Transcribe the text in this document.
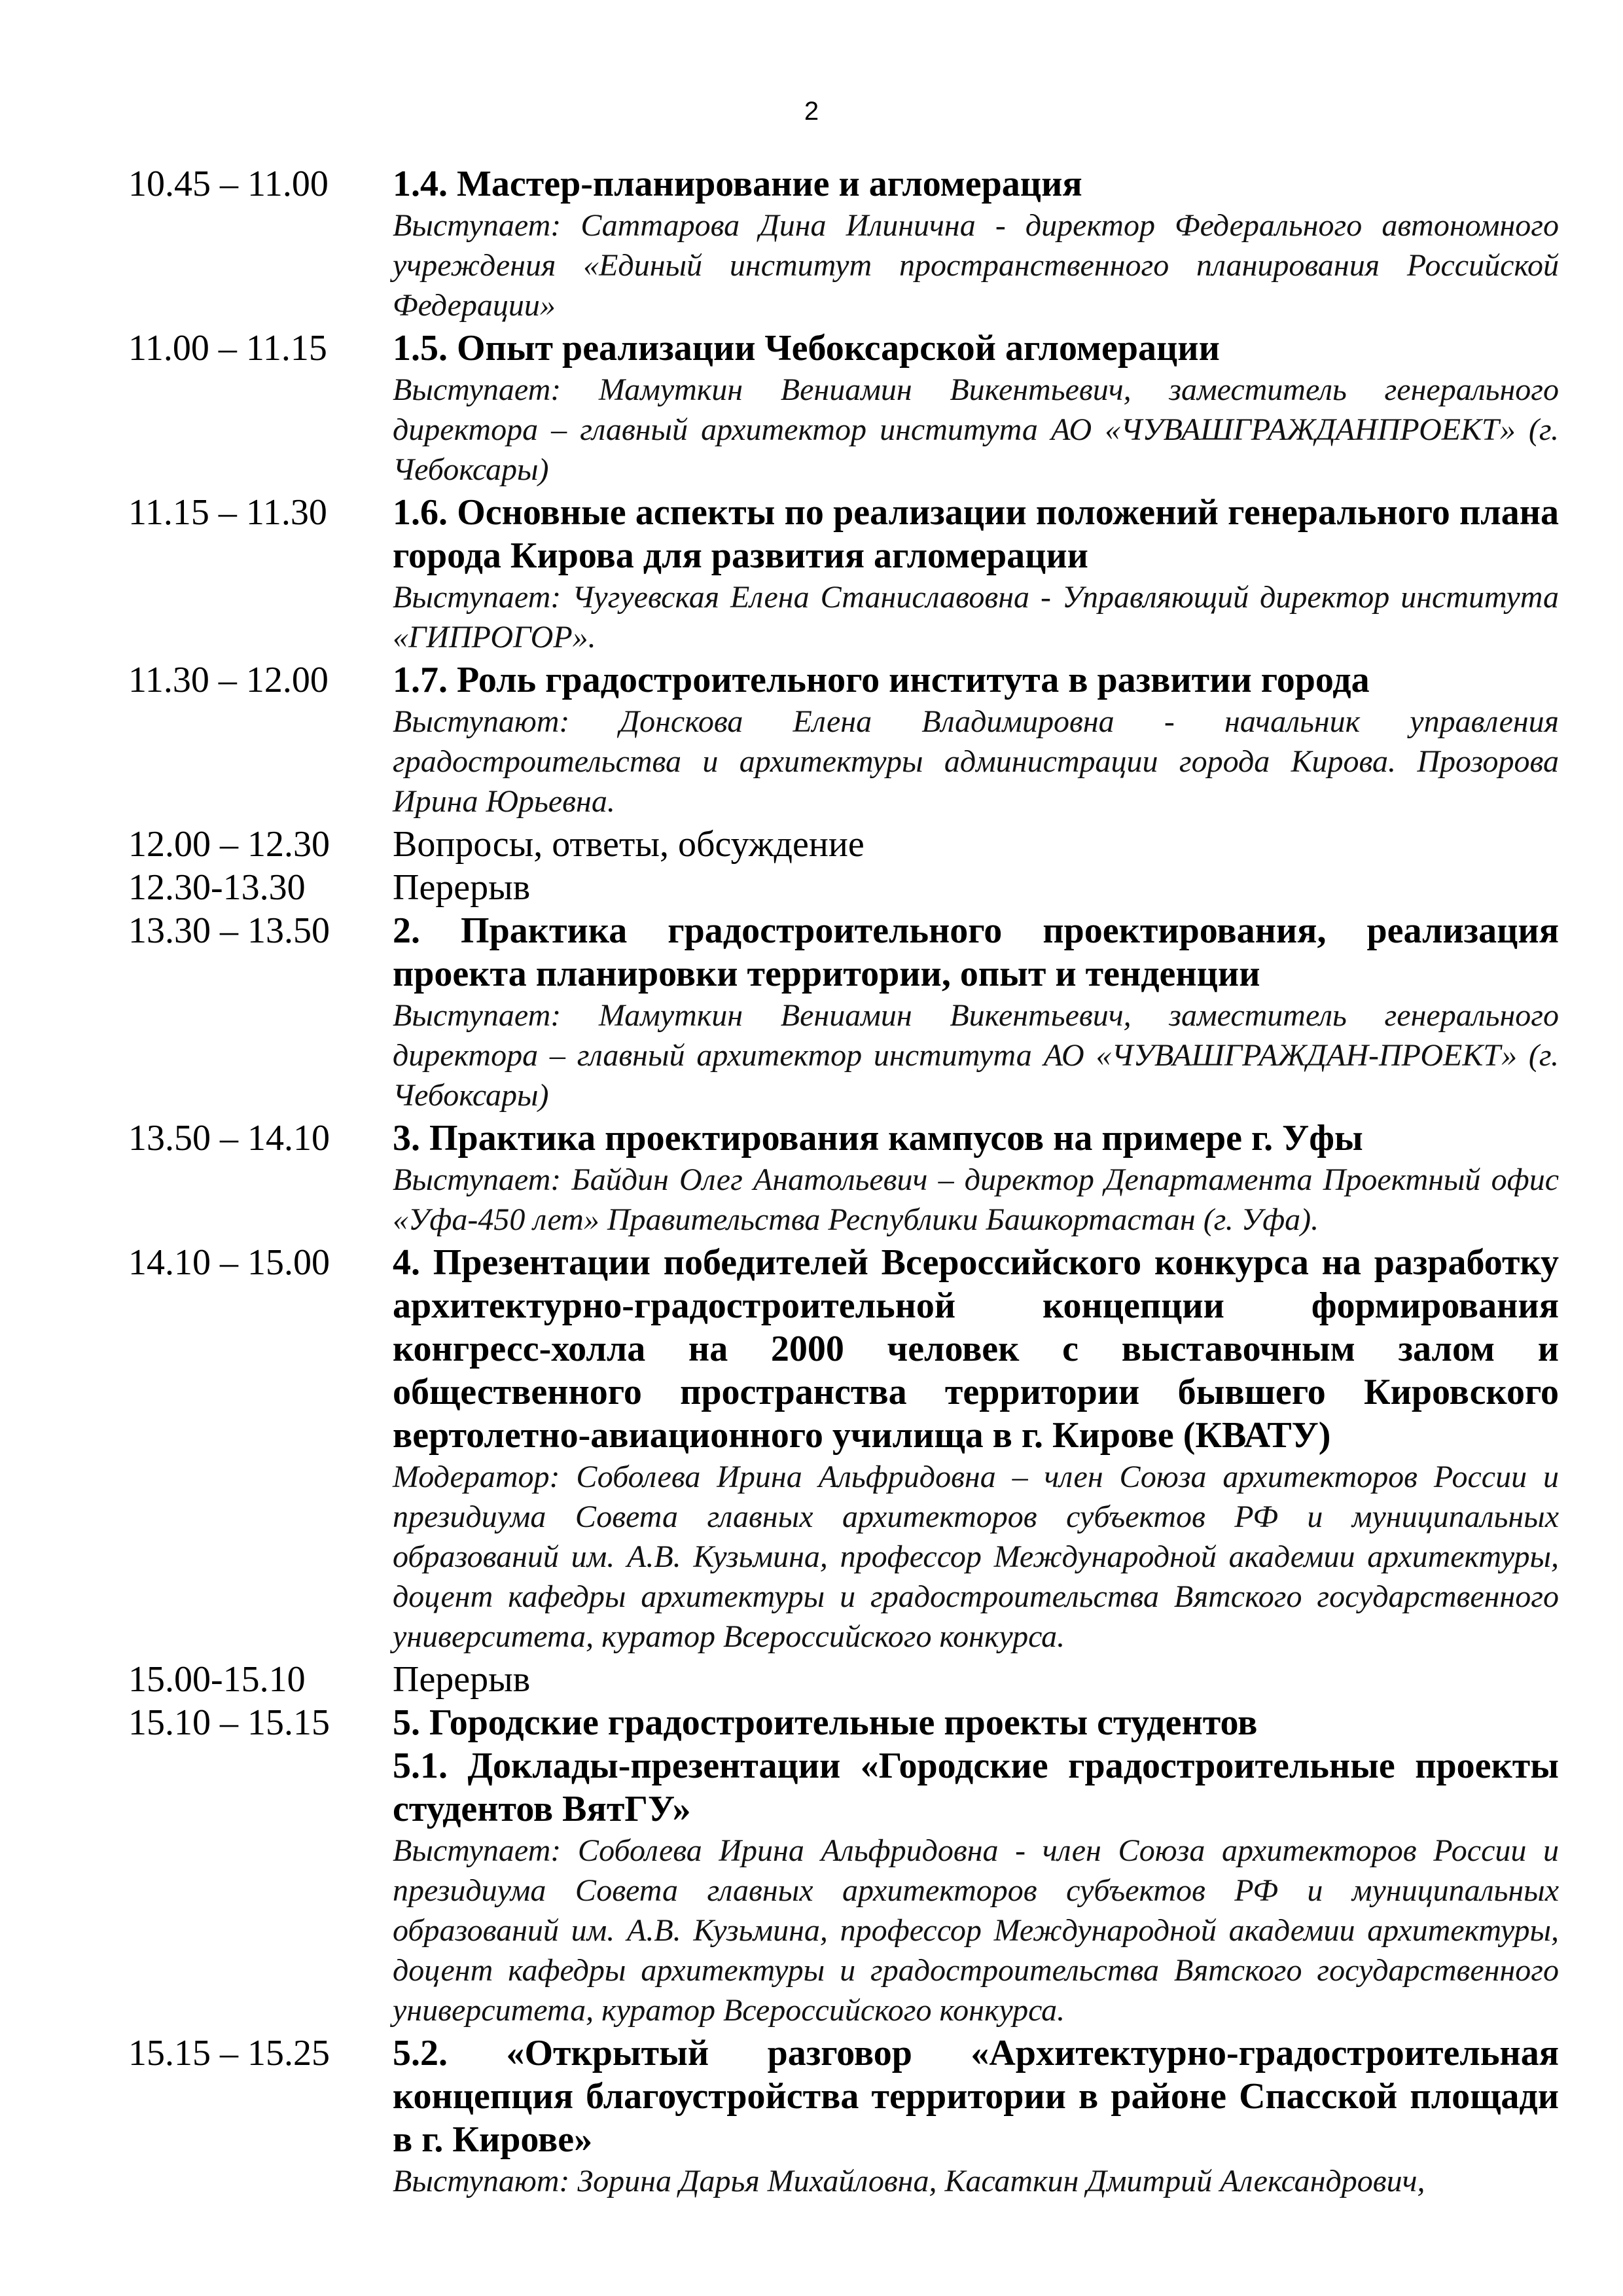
2
10.45 – 11.00	1.4. Мастер-планирование и агломерация
Выступает: Саттарова Дина Илинична - директор Федерального автономного учреждения «Единый институт пространственного планирования Российской Федерации»
11.00 – 11.15	1.5. Опыт реализации Чебоксарской агломерации
Выступает: Мамуткин Вениамин Викентьевич, заместитель генерального директора – главный архитектор института АО «ЧУВАШГРАЖДАНПРОЕКТ» (г. Чебоксары)
11.15 – 11.30	1.6. Основные аспекты по реализации положений генерального плана города Кирова для развития агломерации
Выступает: Чугуевская Елена Станиславовна - Управляющий директор института «ГИПРОГОР».
11.30 – 12.00	1.7. Роль градостроительного института в развитии города
Выступают: Донскова Елена Владимировна - начальник управления градостроительства и архитектуры администрации города Кирова. Прозорова Ирина Юрьевна.
12.00 – 12.30	Вопросы, ответы, обсуждение
12.30-13.30	Перерыв
13.30 – 13.50	2. Практика градостроительного проектирования, реализация проекта планировки территории, опыт и тенденции
Выступает: Мамуткин Вениамин Викентьевич, заместитель генерального директора – главный архитектор института АО «ЧУВАШГРАЖДАН-ПРОЕКТ» (г. Чебоксары)
13.50 – 14.10	3. Практика проектирования кампусов на примере г. Уфы
Выступает: Байдин Олег Анатольевич – директор Департамента Проектный офис «Уфа-450 лет» Правительства Республики Башкортастан (г. Уфа).
14.10 – 15.00	4. Презентации победителей Всероссийского конкурса на разработку архитектурно-градостроительной концепции формирования конгресс-холла на 2000 человек с выставочным залом и общественного пространства территории бывшего Кировского вертолетно-авиационного училища в г. Кирове (КВАТУ)
Модератор: Соболева Ирина Альфридовна – член Союза архитекторов России и президиума Совета главных архитекторов субъектов РФ и муниципальных образований им. А.В. Кузьмина, профессор Международной академии архитектуры, доцент кафедры архитектуры и градостроительства Вятского государственного университета, куратор Всероссийского конкурса.
15.00-15.10	Перерыв
15.10 – 15.15	5. Городские градостроительные проекты студентов
5.1. Доклады-презентации «Городские градостроительные проекты студентов ВятГУ»
Выступает: Соболева Ирина Альфридовна - член Союза архитекторов России и президиума Совета главных архитекторов субъектов РФ и муниципальных образований им. А.В. Кузьмина, профессор Международной академии архитектуры, доцент кафедры архитектуры и градостроительства Вятского государственного университета, куратор Всероссийского конкурса.
15.15 – 15.25	5.2. «Открытый разговор «Архитектурно-градостроительная концепция благоустройства территории в районе Спасской площади в г. Кирове»
Выступают: Зорина Дарья Михайловна, Касаткин Дмитрий Александрович,
